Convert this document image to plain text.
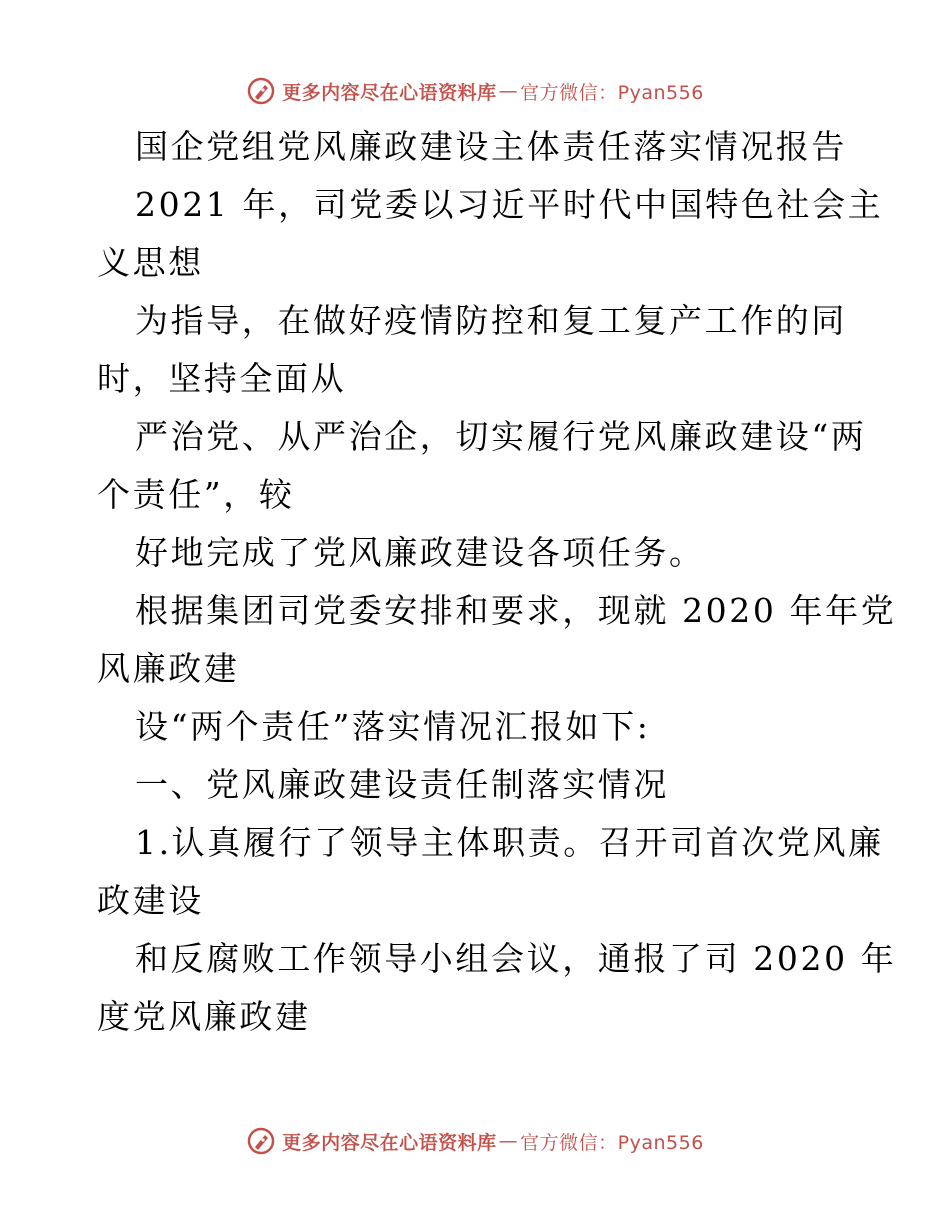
更多内容尽在心语资料库 — 官方微信：Pyan556
国企党组党风廉政建设主体责任落实情况报告
2021 年，司党委以习近平时代中国特色社会主
义思想
为指导，在做好疫情防控和复工复产工作的同
时，坚持全面从
严治党、从严治企，切实履行党风廉政建设“两
个责任”，较
好地完成了党风廉政建设各项任务。
根据集团司党委安排和要求，现就 2020 年年党
风廉政建
设“两个责任”落实情况汇报如下:
一、党风廉政建设责任制落实情况
1.认真履行了领导主体职责。召开司首次党风廉
政建设
和反腐败工作领导小组会议，通报了司 2020 年
度党风廉政建
更多内容尽在心语资料库 — 官方微信：Pyan556
